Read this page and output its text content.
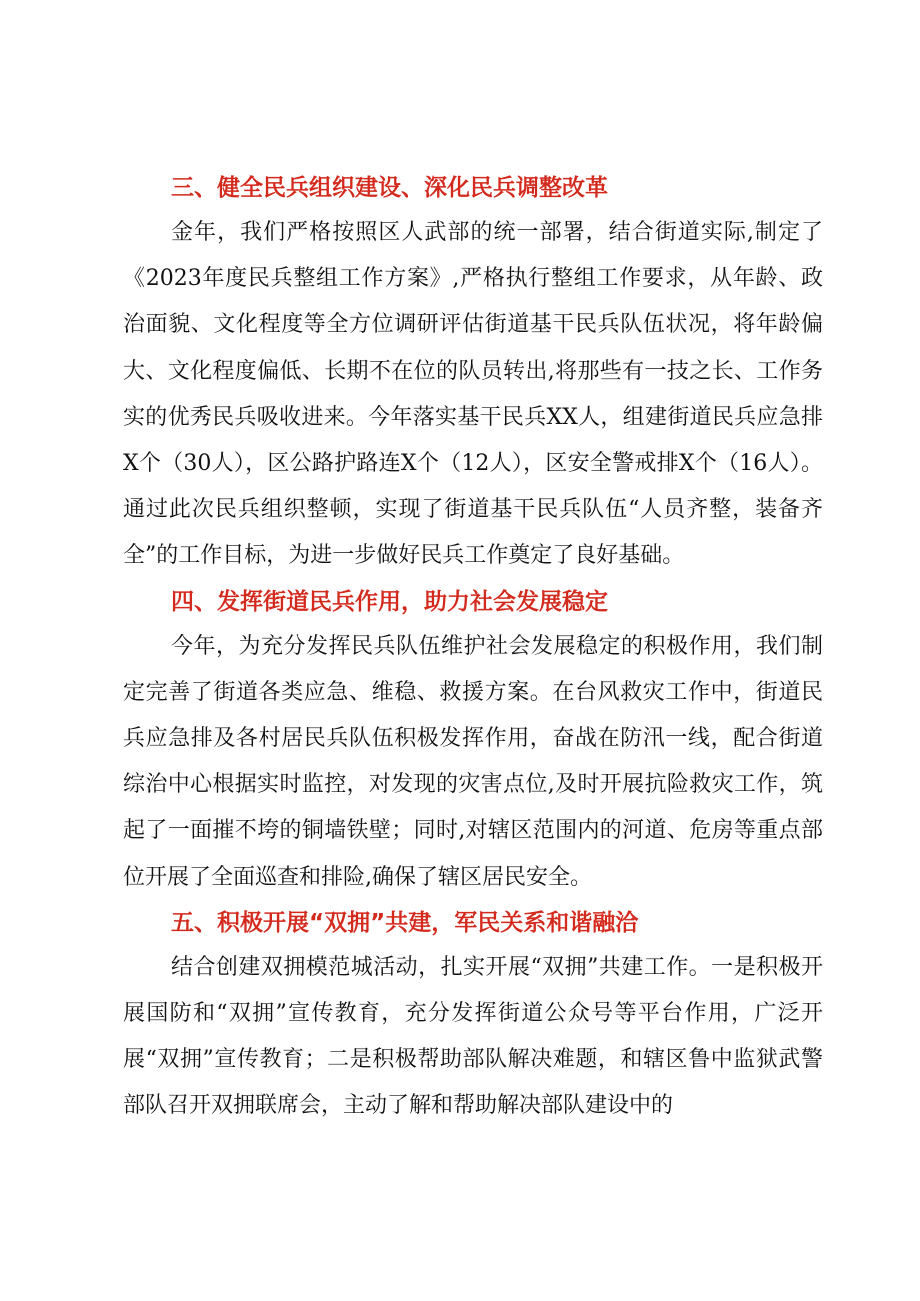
三、健全民兵组织建设、深化民兵调整改革

金年，我们严格按照区人武部的统一部署，结合街道实际,制定了《2023年度民兵整组工作方案》,严格执行整组工作要求，从年龄、政治面貌、文化程度等全方位调研评估街道基干民兵队伍状况，将年龄偏大、文化程度偏低、长期不在位的队员转出,将那些有一技之长、工作务实的优秀民兵吸收进来。今年落实基干民兵XX人，组建街道民兵应急排X个（30人），区公路护路连X个（12人），区安全警戒排X个（16人）。通过此次民兵组织整顿，实现了街道基干民兵队伍“人员齐整，装备齐全”的工作目标，为进一步做好民兵工作奠定了良好基础。

四、发挥街道民兵作用，助力社会发展稳定

今年，为充分发挥民兵队伍维护社会发展稳定的积极作用，我们制定完善了街道各类应急、维稳、救援方案。在台风救灾工作中，街道民兵应急排及各村居民兵队伍积极发挥作用，奋战在防汛一线，配合街道综治中心根据实时监控，对发现的灾害点位,及时开展抗险救灾工作，筑起了一面摧不垮的铜墙铁壁；同时,对辖区范围内的河道、危房等重点部位开展了全面巡查和排险,确保了辖区居民安全。

五、积极开展“双拥”共建，军民关系和谐融洽

结合创建双拥模范城活动，扎实开展“双拥”共建工作。一是积极开展国防和“双拥”宣传教育，充分发挥街道公众号等平台作用，广泛开展“双拥”宣传教育；二是积极帮助部队解决难题，和辖区鲁中监狱武警部队召开双拥联席会，主动了解和帮助解决部队建设中的
